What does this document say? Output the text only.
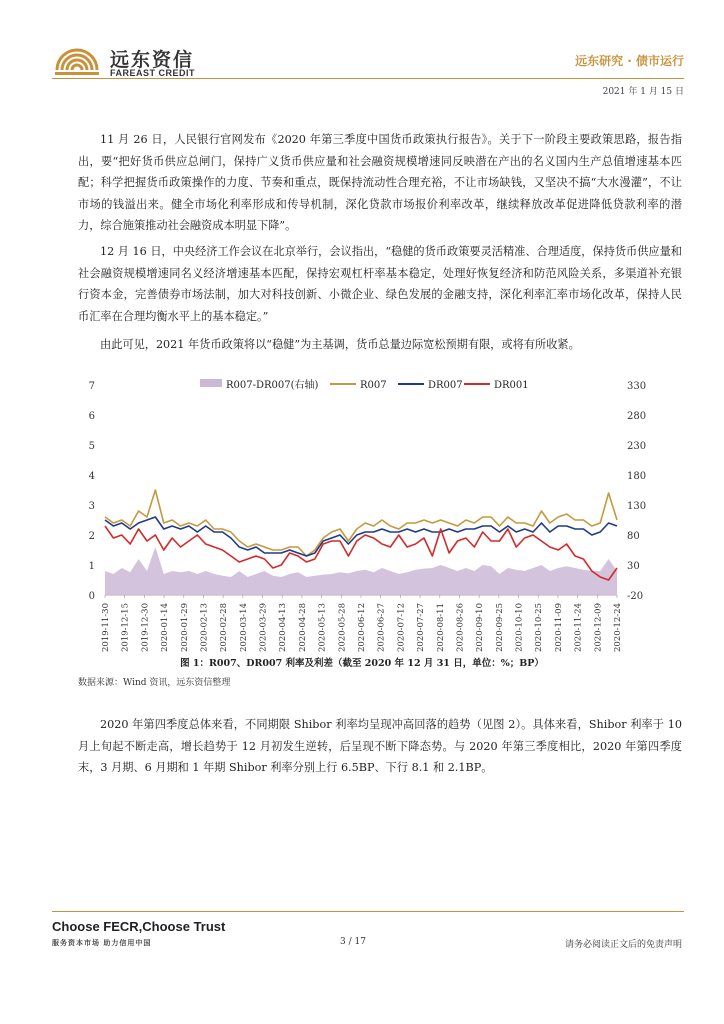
远东资信
FAREAST CREDIT
远东研究 · 债市运行
2021 年 1 月 15 日
11 月 26 日，人民银行官网发布《2020 年第三季度中国货币政策执行报告》。关于下一阶段主要政策思路，报告指出，要“把好货币供应总闸门，保持广义货币供应量和社会融资规模增速同反映潜在产出的名义国内生产总值增速基本匹配；科学把握货币政策操作的力度、节奏和重点，既保持流动性合理充裕，不让市场缺钱，又坚决不搞“大水漫灌”，不让市场的钱溢出来。健全市场化利率形成和传导机制，深化贷款市场报价利率改革，继续释放改革促进降低贷款利率的潜力，综合施策推动社会融资成本明显下降”。
12 月 16 日，中央经济工作会议在北京举行，会议指出，“稳健的货币政策要灵活精准、合理适度，保持货币供应量和社会融资规模增速同名义经济增速基本匹配，保持宏观杠杆率基本稳定，处理好恢复经济和防范风险关系，多渠道补充银行资本金，完善债券市场法制，加大对科技创新、小微企业、绿色发展的金融支持，深化利率汇率市场化改革，保持人民币汇率在合理均衡水平上的基本稳定。”
由此可见，2021 年货币政策将以“稳健”为主基调，货币总量边际宽松预期有限，或将有所收紧。
0
1
2
3
4
5
6
7
-20
30
80
130
180
230
280
330
2019-11-30 2019-12-15 2019-12-30 2020-01-14 2020-01-29 2020-02-13 2020-02-28 2020-03-14 2020-03-29 2020-04-13 2020-04-28 2020-05-13 2020-05-28 2020-06-12 2020-06-27 2020-07-12 2020-07-27 2020-08-11 2020-08-26 2020-09-10 2020-09-25 2020-10-10 2020-10-25 2020-11-09 2020-11-24 2020-12-09 2020-12-24
R007-DR007(右轴)	R007	DR007	DR001
图 1：R007、DR007 利率及利差（截至 2020 年 12 月 31 日，单位：%；BP）
数据来源：Wind 资讯，远东资信整理
2020 年第四季度总体来看，不同期限 Shibor 利率均呈现冲高回落的趋势（见图 2）。具体来看，Shibor 利率于 10 月上旬起不断走高，增长趋势于 12 月初发生逆转，后呈现不断下降态势。与 2020 年第三季度相比，2020 年第四季度末，3 月期、6 月期和 1 年期 Shibor 利率分别上行 6.5BP、下行 8.1 和 2.1BP。
Choose FECR,Choose Trust
服务资本市场 助力信用中国	3 / 17	请务必阅读正文后的免责声明
